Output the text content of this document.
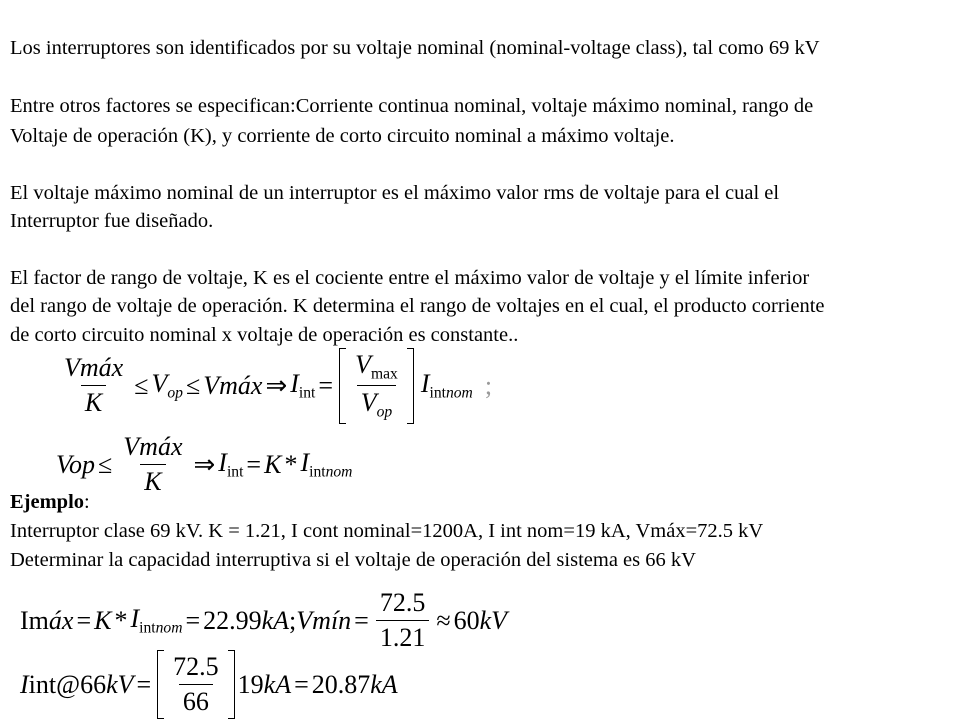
Los interruptores son identificados por su voltaje nominal (nominal-voltage class), tal como 69 kV
Entre otros factores se especifican:Corriente continua nominal, voltaje máximo nominal, rango de
Voltaje de operación (K), y corriente de corto circuito nominal a máximo voltaje.
El voltaje máximo nominal de un interruptor es el máximo valor rms de voltaje para el cual el
Interruptor fue diseñado.
El factor de rango de voltaje, K es el cociente entre el máximo valor de voltaje y el límite inferior
del rango de voltaje de operación. K determina el rango de voltajes en el cual, el producto corriente
de corto circuito nominal x voltaje de operación es constante..
$\frac{\text{Vmáx}}{K} \le V_{op}$ ≤ Vmáx ⇒ $I_{int} = \frac{V_{max}}{V_{op}} I_{intnom}$ ;
Vop ≤ $\frac{\text{Vmáx}}{K}$ ⇒ $I_{int} = K * I_{intnom}$
Ejemplo:
Interruptor clase 69 kV. K = 1.21, I cont nominal=1200A, I int nom=19 kA, Vmáx=72.5 kV
Determinar la capacidad interruptiva si el voltaje de operación del sistema es 66 kV
Im áx = $K * I_{intnom} = 22.99$ kA ; Vmín = $\frac{72.5}{1.21} \approx 60$ kV
I int@ 66 kV = $\frac{72.5}{66} 19$ kA = 20.87 kA
